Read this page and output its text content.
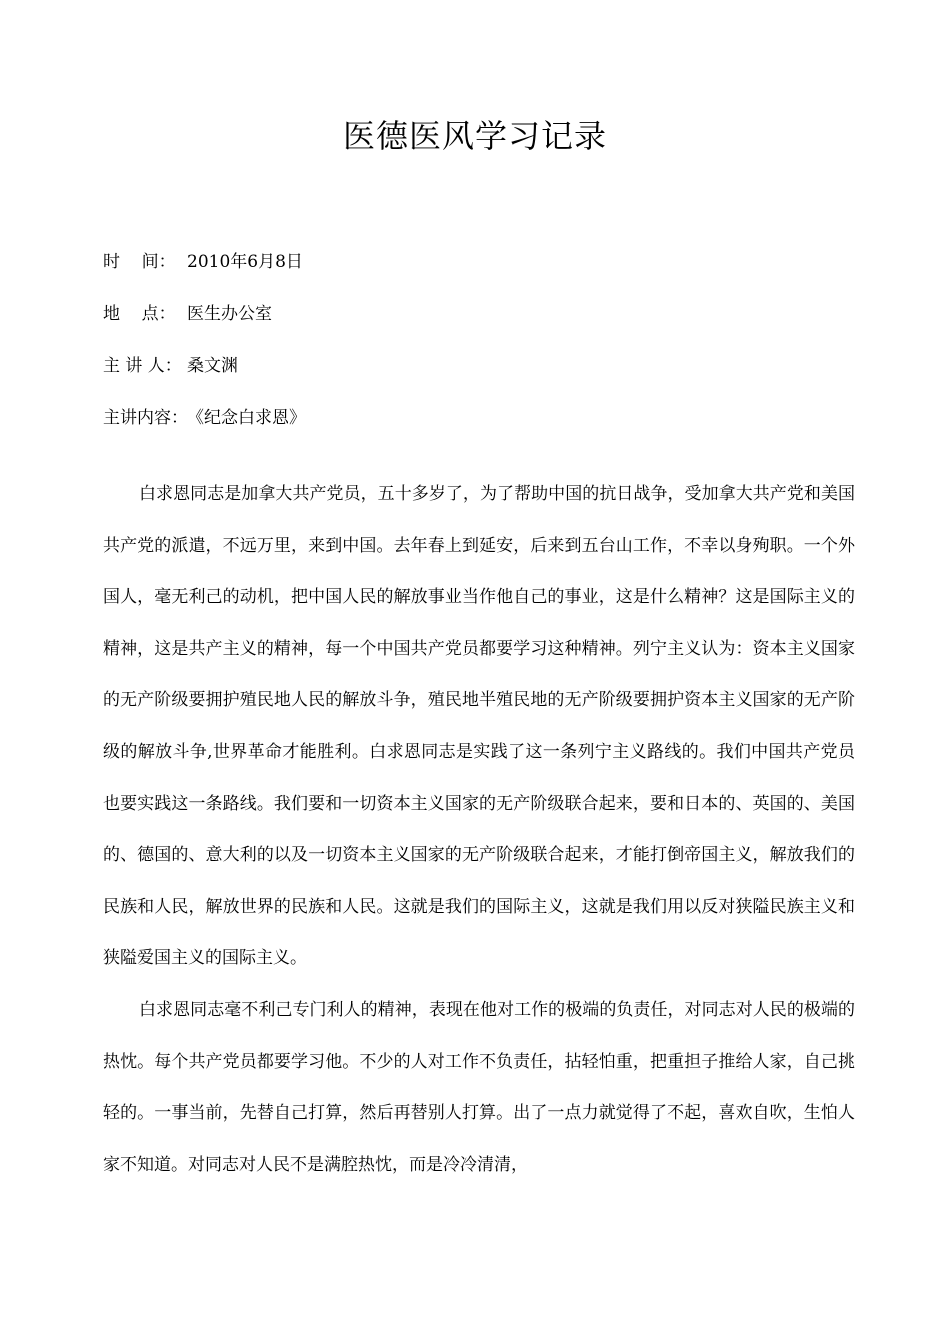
医德医风学习记录
时    间： 2010年6月8日
地    点： 医生办公室
主 讲 人： 桑文渊
主讲内容：《纪念白求恩》

白求恩同志是加拿大共产党员，五十多岁了，为了帮助中国的抗日战争，受加拿大共产党和美国共产党的派遣，不远万里，来到中国。去年春上到延安，后来到五台山工作，不幸以身殉职。一个外国人，毫无利己的动机，把中国人民的解放事业当作他自己的事业，这是什么精神？这是国际主义的精神，这是共产主义的精神，每一个中国共产党员都要学习这种精神。列宁主义认为：资本主义国家的无产阶级要拥护殖民地人民的解放斗争，殖民地半殖民地的无产阶级要拥护资本主义国家的无产阶级的解放斗争,世界革命才能胜利。白求恩同志是实践了这一条列宁主义路线的。我们中国共产党员也要实践这一条路线。我们要和一切资本主义国家的无产阶级联合起来，要和日本的、英国的、美国的、德国的、意大利的以及一切资本主义国家的无产阶级联合起来，才能打倒帝国主义，解放我们的民族和人民，解放世界的民族和人民。这就是我们的国际主义，这就是我们用以反对狭隘民族主义和狭隘爱国主义的国际主义。

白求恩同志毫不利己专门利人的精神，表现在他对工作的极端的负责任，对同志对人民的极端的热忱。每个共产党员都要学习他。不少的人对工作不负责任，拈轻怕重，把重担子推给人家，自己挑轻的。一事当前，先替自己打算，然后再替别人打算。出了一点力就觉得了不起，喜欢自吹，生怕人家不知道。对同志对人民不是满腔热忱，而是冷冷清清，
